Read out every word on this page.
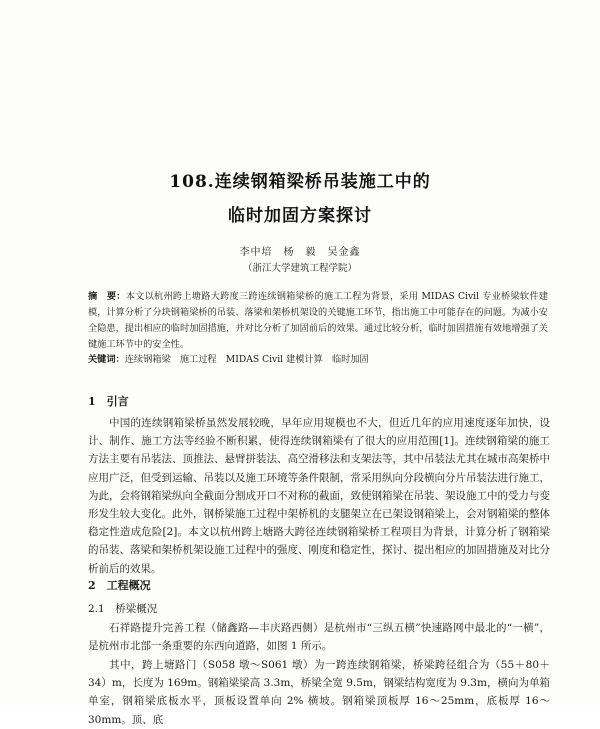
108.连续钢箱梁桥吊装施工中的
临时加固方案探讨
李中培　杨　毅　吴金鑫
（浙江大学建筑工程学院）
摘　要：本文以杭州跨上塘路大跨度三跨连续钢箱梁桥的施工工程为背景，采用 MIDAS Civil 专业桥梁软件建模，计算分析了分块钢箱梁桥的吊装、落梁和架桥机架设的关键施工环节，指出施工中可能存在的问题。为减小安全隐患，提出相应的临时加固措施，并对比分析了加固前后的效果。通过比较分析，临时加固措施有效地增强了关键施工环节中的安全性。
关键词：连续钢箱梁　施工过程　MIDAS Civil 建模计算　临时加固
1　引言
中国的连续钢箱梁桥虽然发展较晚，早年应用规模也不大，但近几年的应用速度逐年加快，设计、制作、施工方法等经验不断积累，使得连续钢箱梁有了很大的应用范围[1]。连续钢箱梁的施工方法主要有吊装法、顶推法、悬臂拼装法、高空滑移法和支架法等，其中吊装法尤其在城市高架桥中应用广泛，但受到运输、吊装以及施工环境等条件限制，常采用纵向分段横向分片吊装法进行施工，为此，会将钢箱梁纵向全截面分割成开口不对称的截面，致使钢箱梁在吊装、架设施工中的受力与变形发生较大变化。此外，钢桥梁施工过程中架桥机的支腿架立在已架设钢箱梁上，会对钢箱梁的整体稳定性造成危险[2]。本文以杭州跨上塘路大跨径连续钢箱梁桥工程项目为背景，计算分析了钢箱梁的吊装、落梁和架桥机架设施工过程中的强度、刚度和稳定性，探讨、提出相应的加固措施及对比分析前后的效果。
2　工程概况
2.1　桥梁概况
石祥路提升完善工程（储鑫路—丰庆路西侧）是杭州市“三纵五横”快速路网中最北的“一横”，是杭州市北部一条重要的东西向道路，如图 1 所示。
其中，跨上塘路门（S058 墩～S061 墩）为一跨连续钢箱梁，桥梁跨径组合为（55＋80＋34）m，长度为 169m。钢箱梁梁高 3.3m，桥梁全宽 9.5m，钢梁结构宽度为 9.3m，横向为单箱单室，钢箱梁底板水平，顶板设置单向 2% 横坡。钢箱梁顶板厚 16～25mm，底板厚 16～30mm。顶、底
